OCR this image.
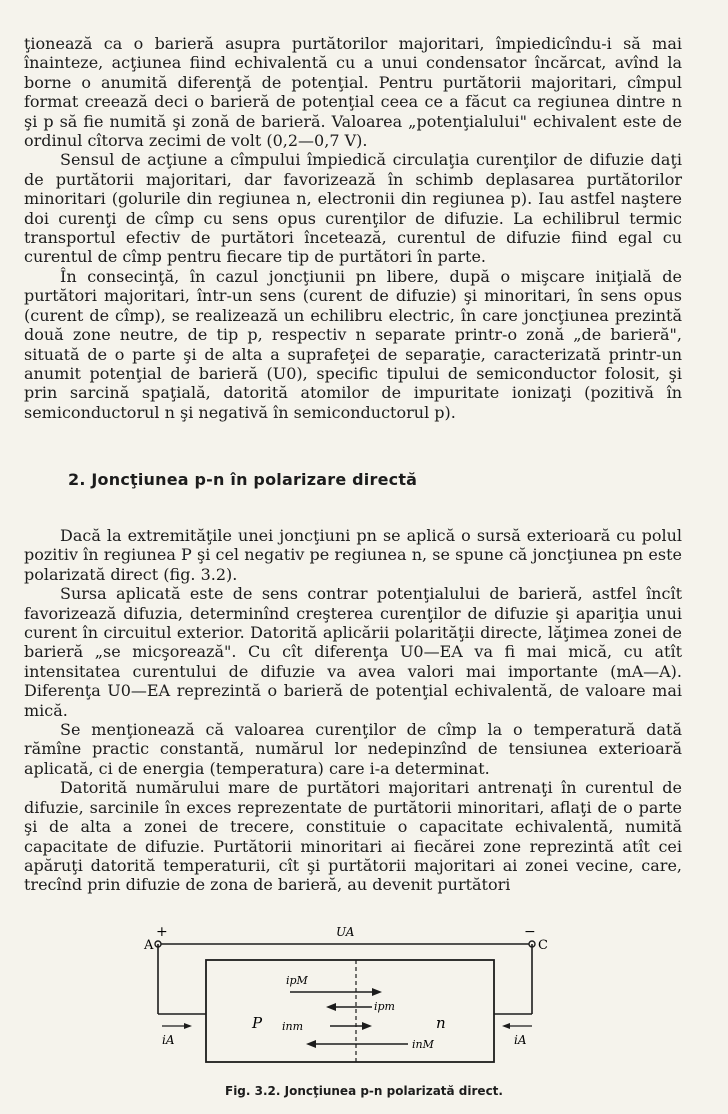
ţionează ca o barieră asupra purtătorilor majoritari, împiedicîndu-i să mai înainteze, acţiunea fiind echivalentă cu a unui condensator încărcat, avînd la borne o anumită diferenţă de potenţial. Pentru purtătorii majoritari, cîmpul format creează deci o barieră de potenţial ceea ce a făcut ca regiunea dintre n şi p să fie numită şi zonă de barieră. Valoarea „potenţialului" echivalent este de ordinul cîtorva zecimi de volt (0,2—0,7 V).

Sensul de acţiune a cîmpului împiedică circulaţia curenţilor de difuzie daţi de purtătorii majoritari, dar favorizează în schimb deplasarea purtătorilor minoritari (golurile din regiunea n, electronii din regiunea p). Iau astfel naştere doi curenţi de cîmp cu sens opus curenţilor de difuzie. La echilibrul termic transportul efectiv de purtători încetează, curentul de difuzie fiind egal cu curentul de cîmp pentru fiecare tip de purtători în parte.

În consecinţă, în cazul joncţiunii pn libere, după o mişcare iniţială de purtători majoritari, într-un sens (curent de difuzie) şi minoritari, în sens opus (curent de cîmp), se realizează un echilibru electric, în care joncţiunea prezintă două zone neutre, de tip p, respectiv n separate printr-o zonă „de barieră", situată de o parte şi de alta a suprafeţei de separaţie, caracterizată printr-un anumit potenţial de barieră (U0), specific tipului de semiconductor folosit, şi prin sarcină spaţială, datorită atomilor de impuritate ionizaţi (pozitivă în semiconductorul n şi negativă în semiconductorul p).

2. Joncţiunea p-n în polarizare directă

Dacă la extremităţile unei joncţiuni pn se aplică o sursă exterioară cu polul pozitiv în regiunea P şi cel negativ pe regiunea n, se spune că joncţiunea pn este polarizată direct (fig. 3.2).

Sursa aplicată este de sens contrar potenţialului de barieră, astfel încît favorizează difuzia, determinînd creşterea curenţilor de difuzie şi apariţia unui curent în circuitul exterior. Datorită aplicării polarităţii directe, lăţimea zonei de barieră „se micşorează". Cu cît diferenţa U0—EA va fi mai mică, cu atît intensitatea curentului de difuzie va avea valori mai importante (mA—A). Diferenţa U0—EA reprezintă o barieră de potenţial echivalentă, de valoare mai mică.

Se menţionează că valoarea curenţilor de cîmp la o temperatură dată rămîne practic constantă, numărul lor nedepinzînd de tensiunea exterioară aplicată, ci de energia (temperatura) care i-a determinat.

Datorită numărului mare de purtători majoritari antrenaţi în curentul de difuzie, sarcinile în exces reprezentate de purtătorii minoritari, aflaţi de o parte şi de alta a zonei de trecere, constituie o capacitate echivalentă, numită capacitate de difuzie. Purtătorii minoritari ai fiecărei zone reprezintă atît cei apăruţi datorită temperaturii, cît şi purtătorii majoritari ai zonei vecine, care, trecînd prin difuzie de zona de barieră, au devenit purtători

A	C
+	−
UA
P	n
ipM
ipm
inm
inM
iA	iA
Fig. 3.2. Joncţiunea p-n polarizată direct.
